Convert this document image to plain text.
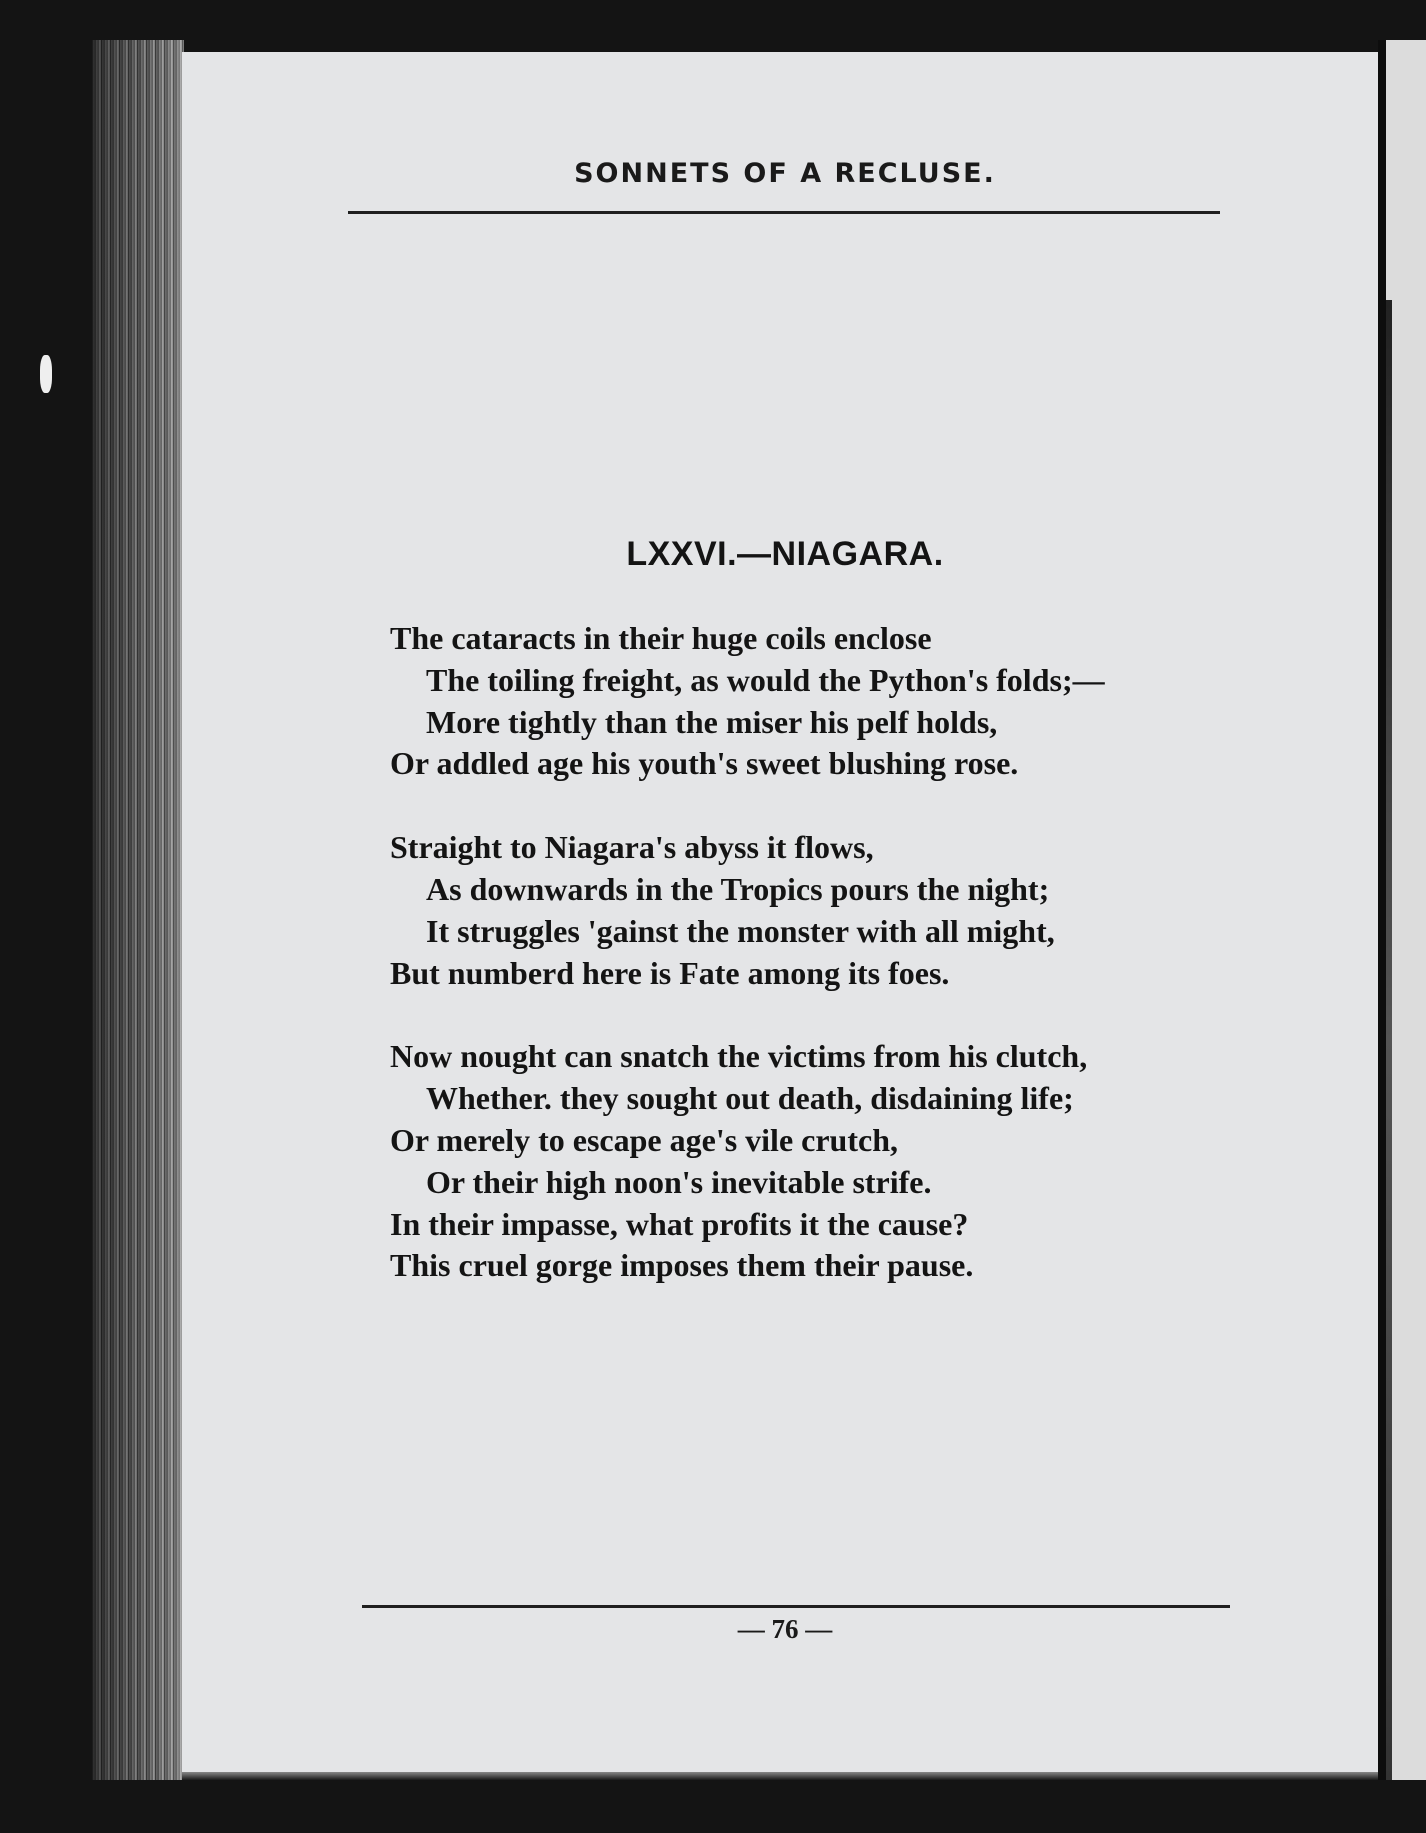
SONNETS OF A RECLUSE.
LXXVI.—NIAGARA.
The cataracts in their huge coils enclose
The toiling freight, as would the Python's folds;—
More tightly than the miser his pelf holds,
Or addled age his youth's sweet blushing rose.
Straight to Niagara's abyss it flows,
As downwards in the Tropics pours the night;
It struggles 'gainst the monster with all might,
But numberd here is Fate among its foes.
Now nought can snatch the victims from his clutch,
Whether. they sought out death, disdaining life;
Or merely to escape age's vile crutch,
Or their high noon's inevitable strife.
In their impasse, what profits it the cause?
This cruel gorge imposes them their pause.
— 76 —
